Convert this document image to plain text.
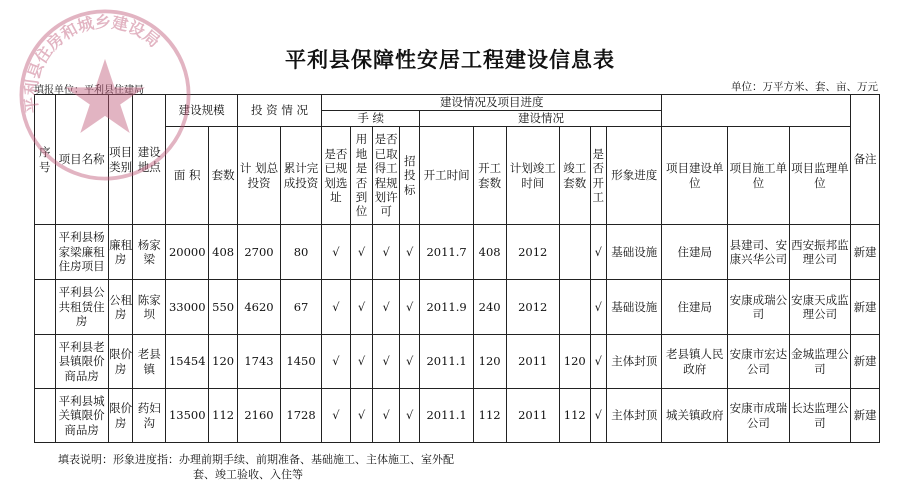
平利县保障性安居工程建设信息表
填报单位：平利县住建局	单位：万平方米、套、亩、万元
序号	项目名称	项目类别	建设地点	建设规模		投 资 情 况		建设情况及项目进度													备注
								手 续				建设情况									
				面 积	套数	计 划总投资	累计完成投资	是否已规划选址	用地是否到位	是否已取得工程规划许可	招投标	开工时间	开工套数	计划竣工时间	竣工套数	是否开工	形象进度	项目建设单位	项目施工单位	项目监理单位	
	平利县杨家梁廉租住房项目	廉租房	杨家梁	20000	408	2700	80	√	√	√	√	2011.7	408	2012		√	基础设施	住建局	县建司、安康兴华公司	西安振邦监理公司	新建
	平利县公共租赁住房	公租房	陈家坝	33000	550	4620	67	√	√	√	√	2011.9	240	2012		√	基础设施	住建局	安康成瑞公司	安康天成监理公司	新建
	平利县老县镇限价商品房	限价房	老县镇	15454	120	1743	1450	√	√	√	√	2011.1	120	2011	120	√	主体封顶	老县镇人民政府	安康市宏达公司	金城监理公司	新建
	平利县城关镇限价商品房	限价房	药妇沟	13500	112	2160	1728	√	√	√	√	2011.1	112	2011	112	√	主体封顶	城关镇政府	安康市成瑞公司	长达监理公司	新建
平利县住房和城乡建设局
填表说明：形象进度指：办理前期手续、前期准备、基础施工、主体施工、室外配
套、竣工验收、入住等
